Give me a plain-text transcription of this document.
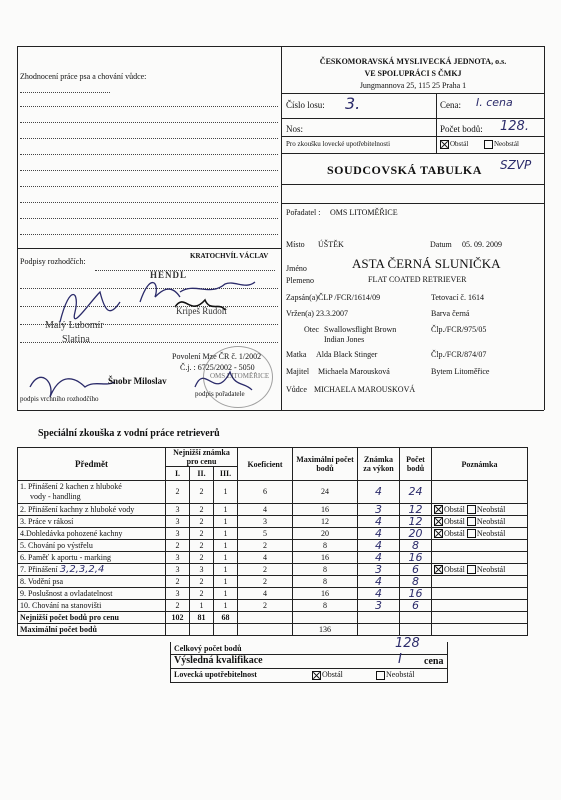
Zhodnocení práce psa a chování vůdce:
Podpisy rozhodčích:
KRATOCHVÍL VÁCLAV
HENDL
Kripeš Rudolf
Malý Lubomír
Slatina
Šnobr Miloslav
podpis vrchního rozhodčího
podpis pořadatele
Povolení Mze ČR č. 1/2002
Č.j. : 6725/2002 - 5050
OMS LITOMĚŘICE
ČESKOMORAVSKÁ MYSLIVECKÁ JEDNOTA, o.s.
VE SPOLUPRÁCI S ČMKJ
Jungmannova 25, 115 25 Praha 1
Číslo losu: 3.	Cena: I. cena
Nos:	Počet bodů: 128.
Pro zkoušku lovecké upotřebitelnosti	Obstál	Neobstál
SOUDCOVSKÁ TABULKA SZVP
Pořadatel : OMS LITOMĚŘICE
Místo ÚŠTĚK	Datum 05. 09. 2009
Jméno	ASTA ČERNÁ SLUNIČKA
Plemeno	FLAT COATED RETRIEVER
Zapsán(a)ČLP /FCR/1614/09	Tetovací č. 1614
Vržen(a) 23.3.2007	Barva černá
Otec Swallowsflight Brown
Indian Jones
Člp./FCR/975/05
Matka Alda Black Stinger	Člp./FCR/874/07
Majitel Michaela Marousková	Bytem Litoměřice
Vůdce MICHAELA MAROUSKOVÁ
Speciální zkouška z vodní práce retrieverů
Předmět	Nejnižší známka pro cenu			Koeficient	Maximální počet bodů	Známka za výkon	Počet bodů	Poznámka
	I.	II.	III.					

1. Přinášení 2 kachen z hluboké
vody - handling	2	2	1	6	24	4	24	
2. Přinášení kachny z hluboké vody	3	2	1	4	16	3	12	Obstál Neobstál
3. Práce v rákosí	3	2	1	3	12	4	12	Obstál Neobstál
4.Dohledávka pohozené kachny	3	2	1	5	20	4	20	Obstál Neobstál
5. Chování po výstřelu	2	2	1	2	8	4	8	
6. Paměť k aportu - marking	3	2	1	4	16	4	16	
7. Přinášení 3,2,3,2,4	3	3	1	2	8	3	6	Obstál Neobstál
8. Vodění psa	2	2	1	2	8	4	8	
9. Poslušnost a ovladatelnost	3	2	1	4	16	4	16	
10. Chování na stanovišti	2	1	1	2	8	3	6	
Nejnižší počet bodů pro cenu	102	81	68					
Maximální počet bodů					136			
Celkový počet bodů	128
Výsledná kvalifikace	I cena
Lovecká upotřebitelnost	Obstál	Neobstál
